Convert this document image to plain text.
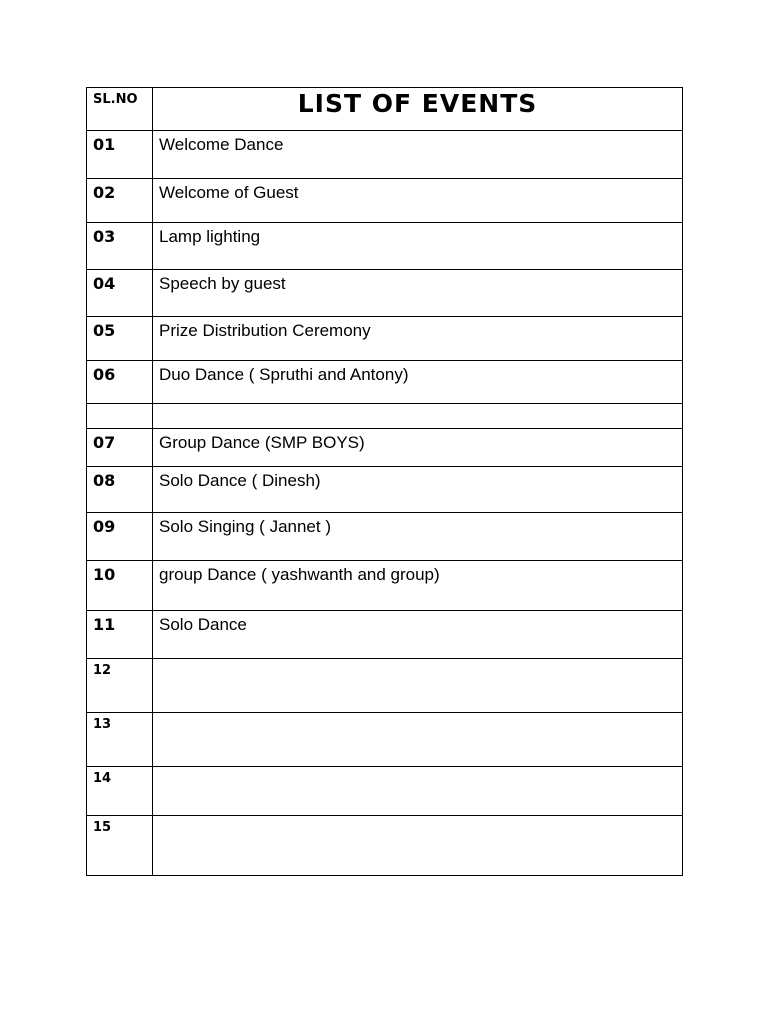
SL.NO	LIST OF EVENTS
01	Welcome Dance
02	Welcome of Guest
03	Lamp lighting
04	Speech by guest
05	Prize Distribution Ceremony
06	Duo Dance ( Spruthi and Antony)

07	Group Dance (SMP BOYS)
08	Solo Dance ( Dinesh)
09	Solo Singing ( Jannet )
10	group Dance ( yashwanth and group)
11	Solo Dance
12	
13	
14	
15	
